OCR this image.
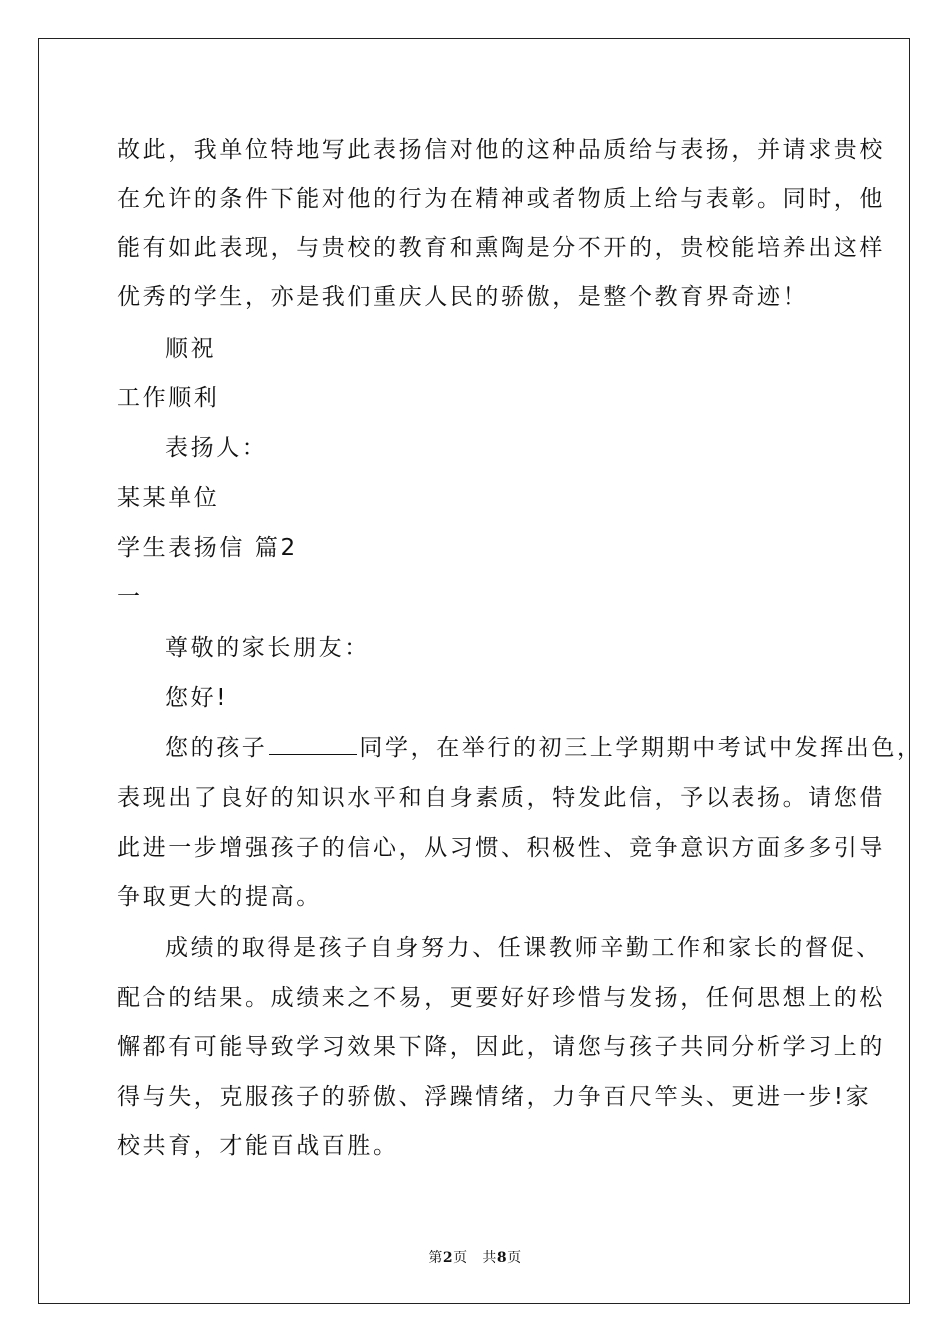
故此，我单位特地写此表扬信对他的这种品质给与表扬，并请求贵校
在允许的条件下能对他的行为在精神或者物质上给与表彰。同时，他
能有如此表现，与贵校的教育和熏陶是分不开的，贵校能培养出这样
优秀的学生，亦是我们重庆人民的骄傲，是整个教育界奇迹！
顺祝
工作顺利
表扬人：
某某单位
学生表扬信 篇2
一
尊敬的家长朋友：
您好!
您的孩子	同学，在举行的初三上学期期中考试中发挥出色，
表现出了良好的知识水平和自身素质，特发此信，予以表扬。请您借
此进一步增强孩子的信心，从习惯、积极性、竞争意识方面多多引导
争取更大的提高。
成绩的取得是孩子自身努力、任课教师辛勤工作和家长的督促、
配合的结果。成绩来之不易，更要好好珍惜与发扬，任何思想上的松
懈都有可能导致学习效果下降，因此，请您与孩子共同分析学习上的
得与失，克服孩子的骄傲、浮躁情绪，力争百尺竿头、更进一步!家
校共育，才能百战百胜。
第2页   共8页
